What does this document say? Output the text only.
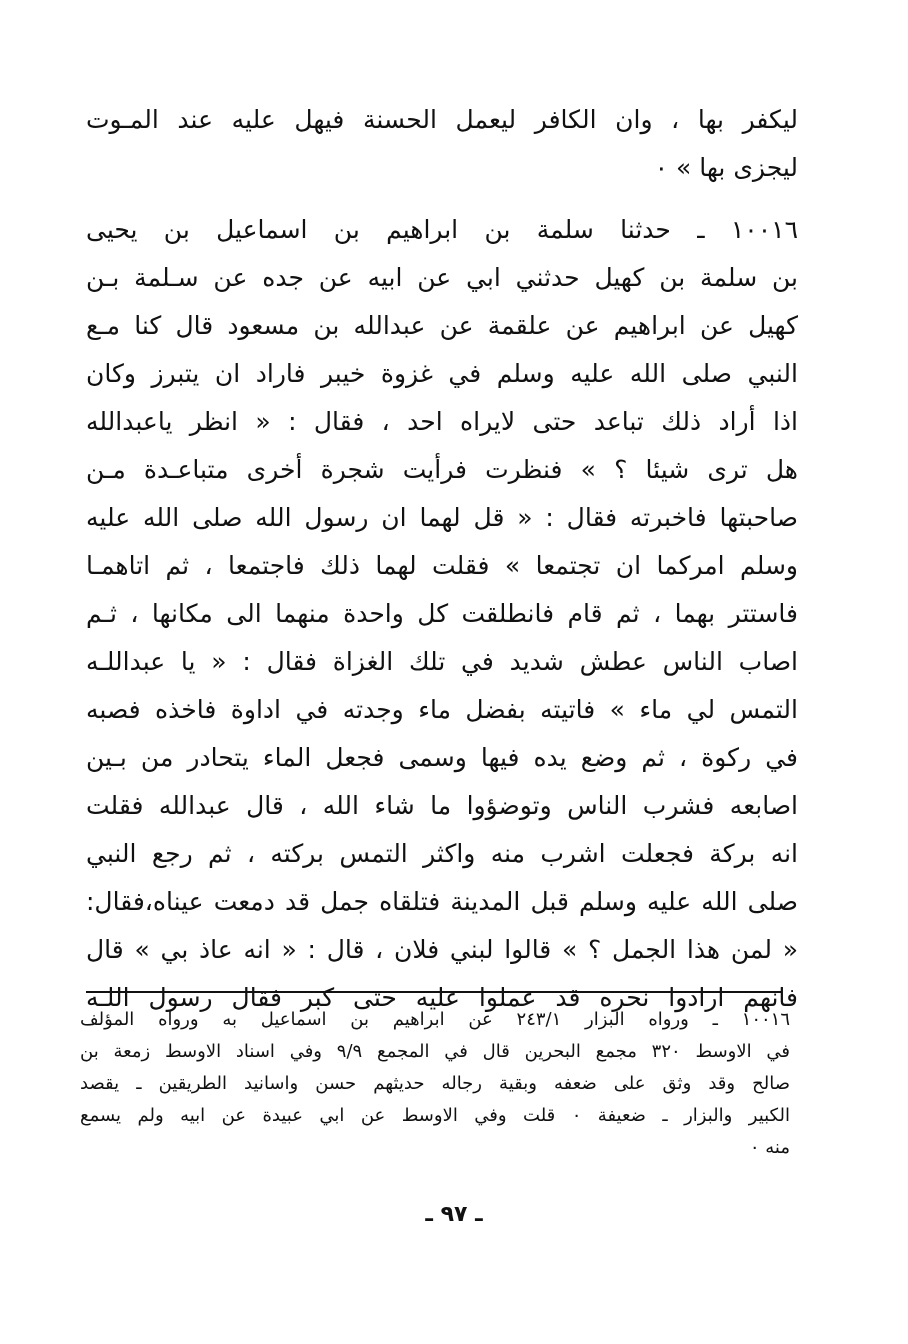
ليكفر بها ، وان الكافر ليعمل الحسنة فيهل عليه عند المـوت
ليجزى بها » ٠
١٠٠١٦ ـ حدثنا سلمة بن ابراهيم بن اسماعيل بن يحيى
بن سلمة بن كهيل حدثني ابي عن ابيه عن جده عن سـلمة بـن
كهيل عن ابراهيم عن علقمة عن عبدالله بن مسعود قال كنا مـع
النبي صلى الله عليه وسلم في غزوة خيبر فاراد ان يتبرز وكان
اذا أراد ذلك تباعد حتى لايراه احد ، فقال : « انظر ياعبدالله
هل ترى شيئا ؟ » فنظرت فرأيت شجرة أخرى متباعـدة مـن
صاحبتها فاخبرته فقال : « قل لهما ان رسول الله صلى الله عليه
وسلم امركما ان تجتمعا » فقلت لهما ذلك فاجتمعا ، ثم اتاهمـا
فاستتر بهما ، ثم قام فانطلقت كل واحدة منهما الى مكانها ، ثـم
اصاب الناس عطش شديد في تلك الغزاة فقال : « يا عبداللـه
التمس لي ماء » فاتيته بفضل ماء وجدته في اداوة فاخذه فصبه
في ركوة ، ثم وضع يده فيها وسمى فجعل الماء يتحادر من بـين
اصابعه فشرب الناس وتوضؤوا ما شاء الله ، قال عبدالله فقلت
انه بركة فجعلت اشرب منه واكثر التمس بركته ، ثم رجع النبي
صلى الله عليه وسلم قبل المدينة فتلقاه جمل قد دمعت عيناه،فقال:
« لمن هذا الجمل ؟ » قالوا لبني فلان ، قال : « انه عاذ بي » قال
فانهم ارادوا نحره قد عملوا عليه حتى كبر فقال رسول اللـه
١٠٠١٦ ـ ورواه البزار ٢٤٣/١ عن ابراهيم بن اسماعيل به ورواه المؤلف
في الاوسط ٣٢٠ مجمع البحرين قال في المجمع ٩/٩ وفي اسناد الاوسط زمعة بن
صالح وقد وثق على ضعفه وبقية رجاله حديثهم حسن واسانيد الطريقين ـ يقصد
الكبير والبزار ـ ضعيفة ٠ قلت وفي الاوسط عن ابي عبيدة عن ابيه ولم يسمع
منه ٠
ـ ٩٧ ـ
